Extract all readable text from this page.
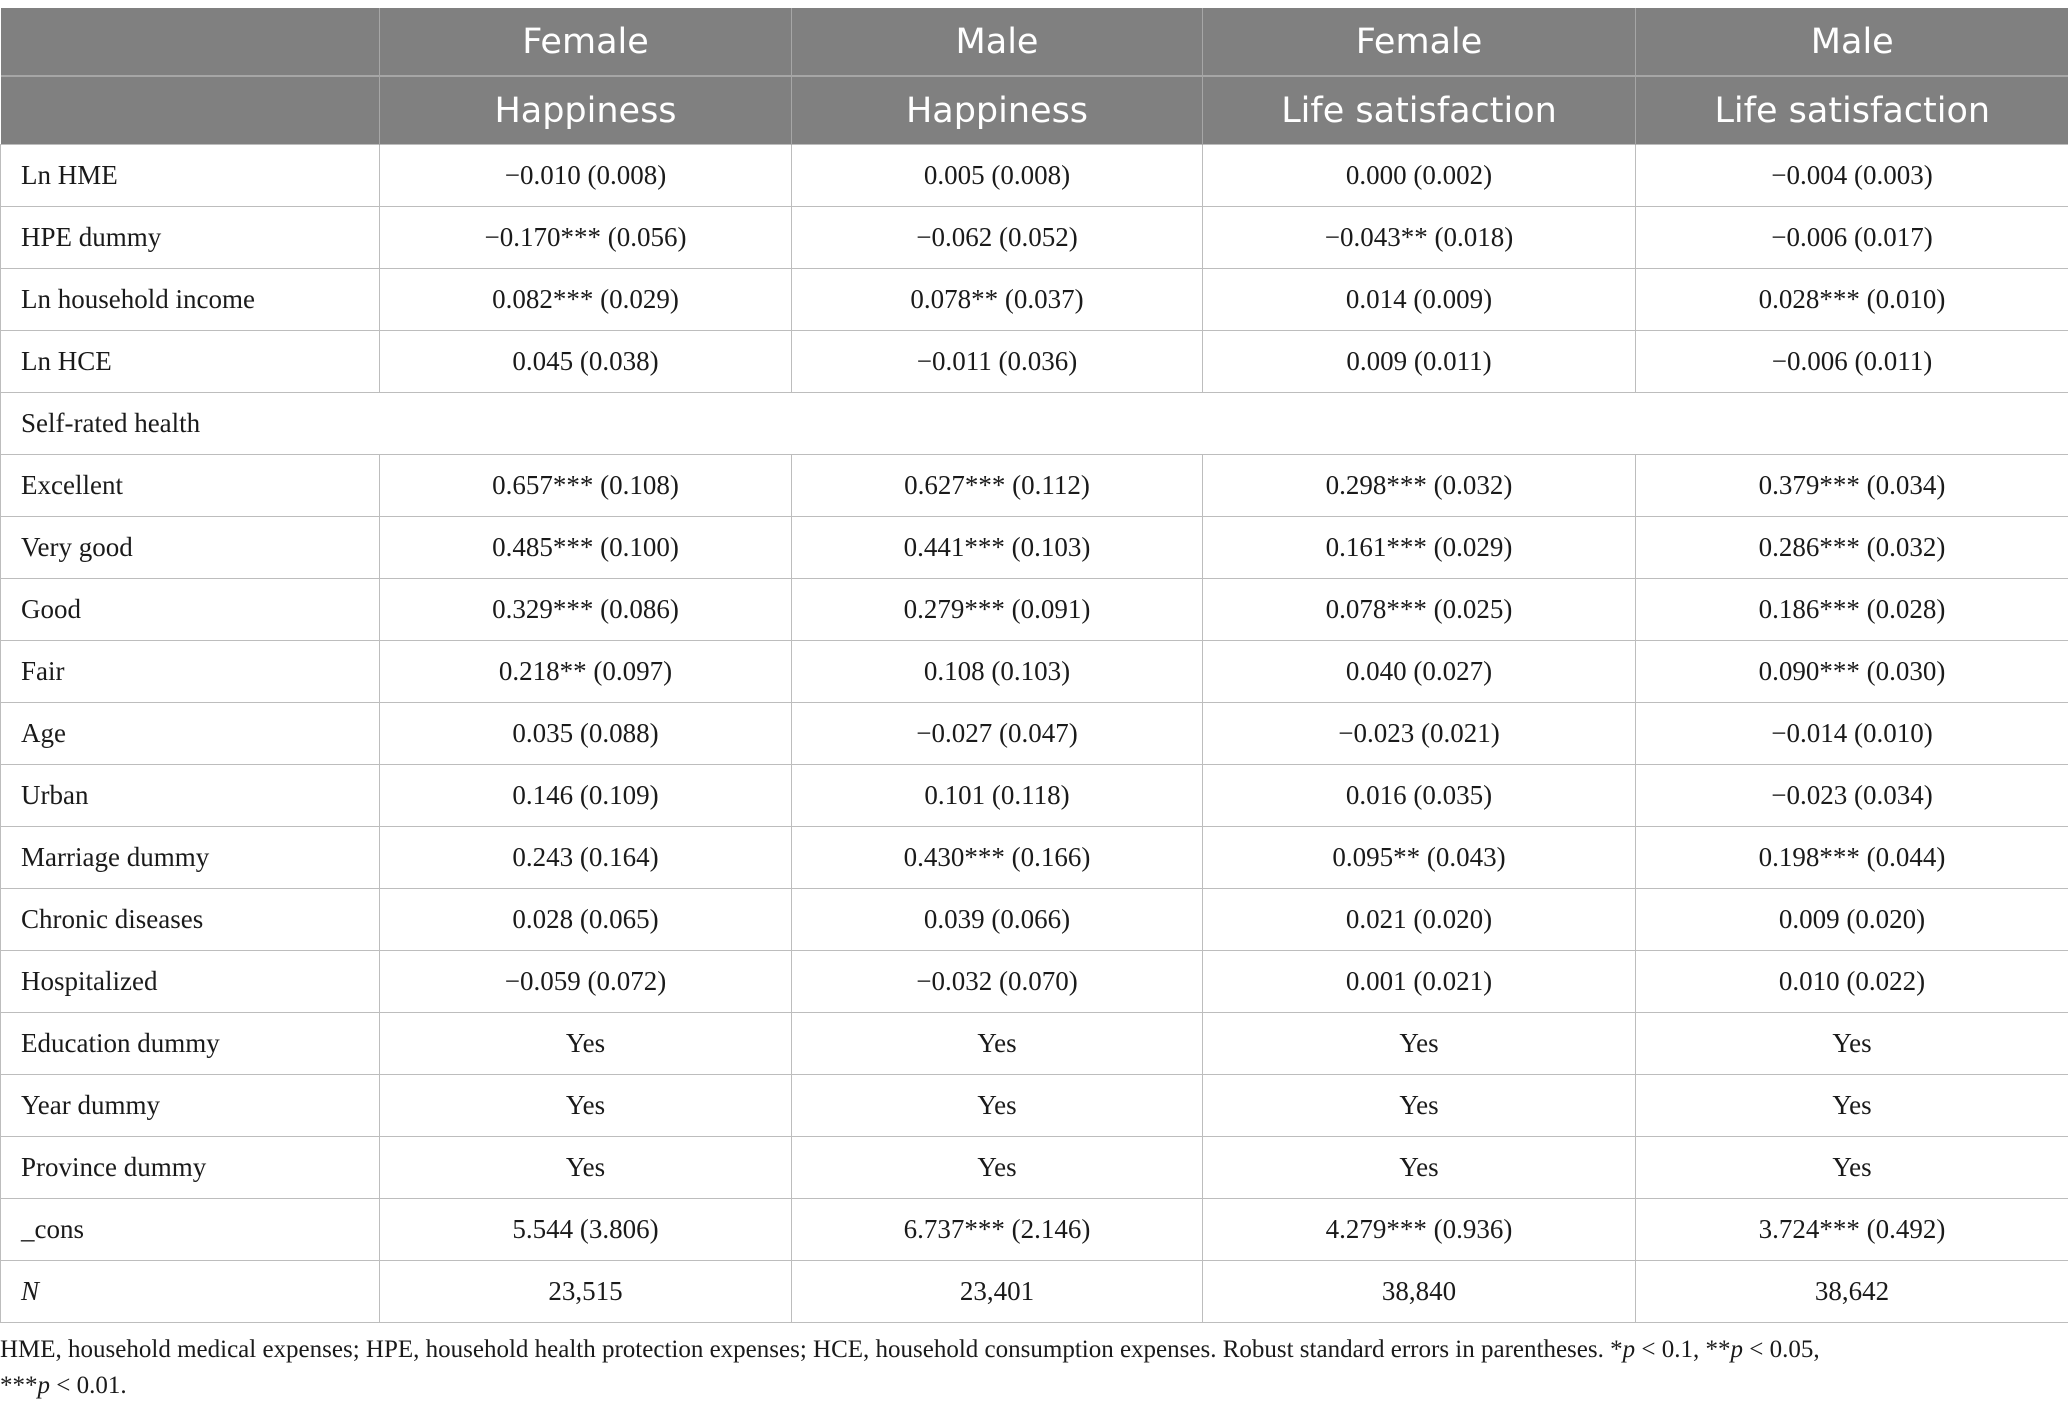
	Female	Male	Female	Male
	Happiness	Happiness	Life satisfaction	Life satisfaction
Ln HME	−0.010 (0.008)	0.005 (0.008)	0.000 (0.002)	−0.004 (0.003)
HPE dummy	−0.170*** (0.056)	−0.062 (0.052)	−0.043** (0.018)	−0.006 (0.017)
Ln household income	0.082*** (0.029)	0.078** (0.037)	0.014 (0.009)	0.028*** (0.010)
Ln HCE	0.045 (0.038)	−0.011 (0.036)	0.009 (0.011)	−0.006 (0.011)
Self-rated health				
Excellent	0.657*** (0.108)	0.627*** (0.112)	0.298*** (0.032)	0.379*** (0.034)
Very good	0.485*** (0.100)	0.441*** (0.103)	0.161*** (0.029)	0.286*** (0.032)
Good	0.329*** (0.086)	0.279*** (0.091)	0.078*** (0.025)	0.186*** (0.028)
Fair	0.218** (0.097)	0.108 (0.103)	0.040 (0.027)	0.090*** (0.030)
Age	0.035 (0.088)	−0.027 (0.047)	−0.023 (0.021)	−0.014 (0.010)
Urban	0.146 (0.109)	0.101 (0.118)	0.016 (0.035)	−0.023 (0.034)
Marriage dummy	0.243 (0.164)	0.430*** (0.166)	0.095** (0.043)	0.198*** (0.044)
Chronic diseases	0.028 (0.065)	0.039 (0.066)	0.021 (0.020)	0.009 (0.020)
Hospitalized	−0.059 (0.072)	−0.032 (0.070)	0.001 (0.021)	0.010 (0.022)
Education dummy	Yes	Yes	Yes	Yes
Year dummy	Yes	Yes	Yes	Yes
Province dummy	Yes	Yes	Yes	Yes
_cons	5.544 (3.806)	6.737*** (2.146)	4.279*** (0.936)	3.724*** (0.492)
N	23,515	23,401	38,840	38,642
HME, household medical expenses; HPE, household health protection expenses; HCE, household consumption expenses. Robust standard errors in parentheses. *p < 0.1, **p < 0.05,
***p < 0.01.
